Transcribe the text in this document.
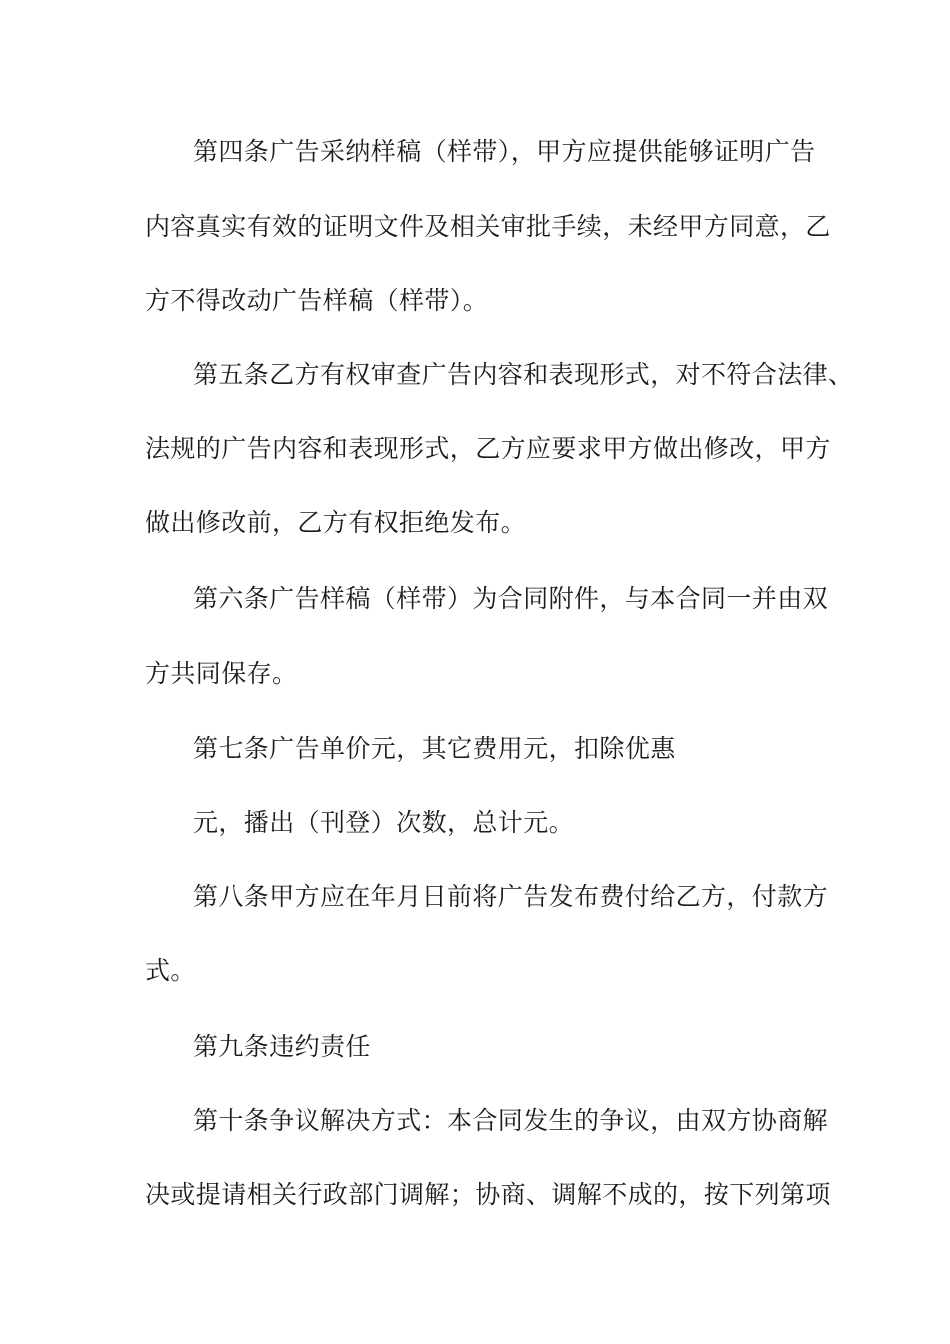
第四条广告采纳样稿（样带），甲方应提供能够证明广告
内容真实有效的证明文件及相关审批手续，未经甲方同意，乙
方不得改动广告样稿（样带）。
第五条乙方有权审查广告内容和表现形式，对不符合法律、
法规的广告内容和表现形式，乙方应要求甲方做出修改，甲方
做出修改前，乙方有权拒绝发布。
第六条广告样稿（样带）为合同附件，与本合同一并由双
方共同保存。
第七条广告单价元，其它费用元，扣除优惠
元，播出（刊登）次数，总计元。
第八条甲方应在年月日前将广告发布费付给乙方，付款方
式。
第九条违约责任
第十条争议解决方式：本合同发生的争议，由双方协商解
决或提请相关行政部门调解；协商、调解不成的，按下列第项
